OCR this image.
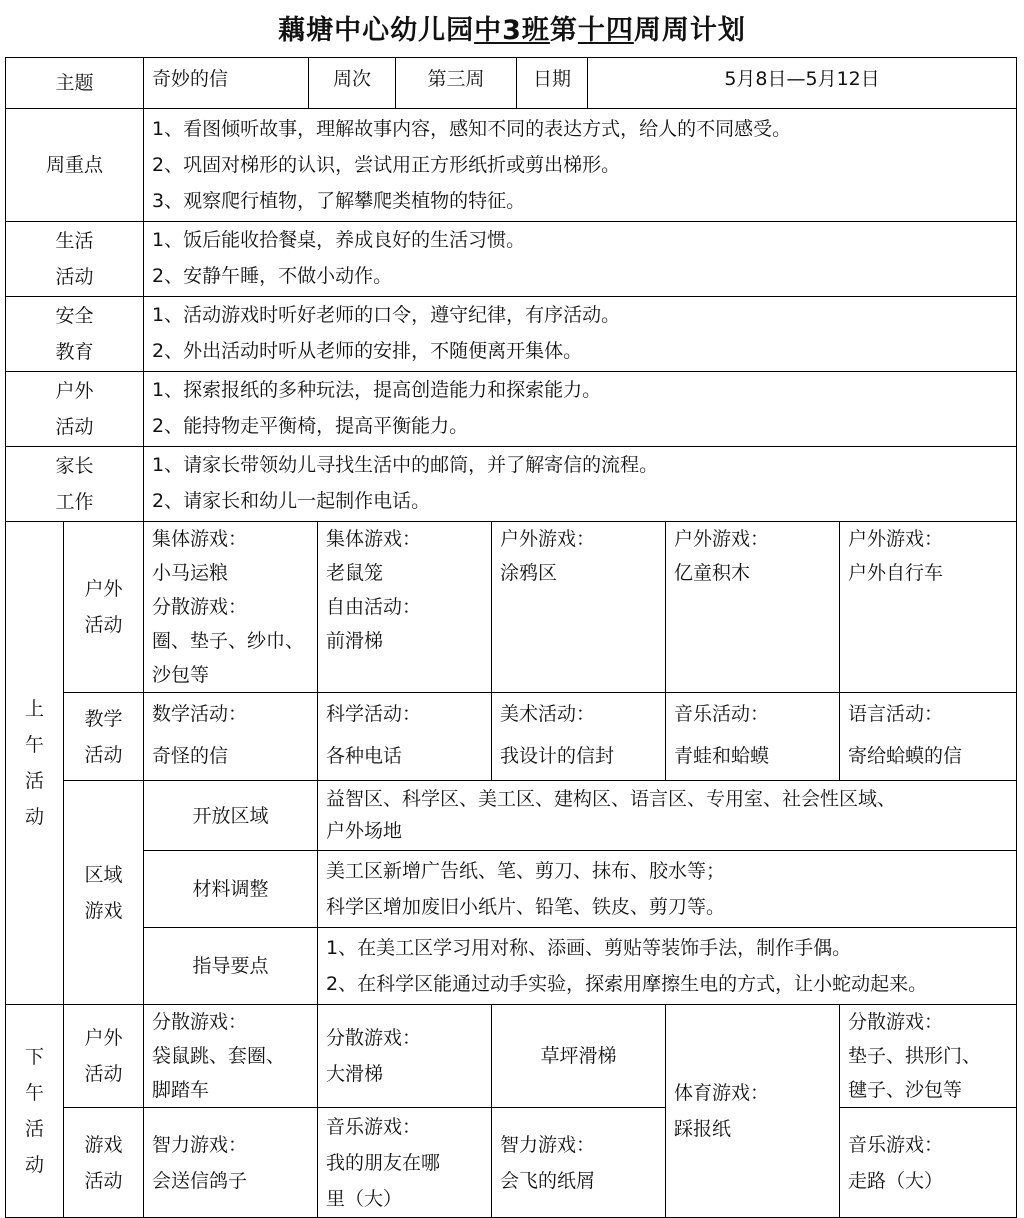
藕塘中心幼儿园中3班第十四周周计划
主题		奇妙的信 周次 第三周 日期 5月8日—5月12日				

周重点		1、看图倾听故事，理解故事内容，感知不同的表达方式，给人的不同感受。
2、巩固对梯形的认识，尝试用正方形纸折或剪出梯形。
3、观察爬行植物，了解攀爬类植物的特征。				

生活
活动		1、饭后能收拾餐桌，养成良好的生活习惯。
2、安静午睡，不做小动作。				

安全
教育		1、活动游戏时听好老师的口令，遵守纪律，有序活动。
2、外出活动时听从老师的安排，不随便离开集体。				

户外
活动		1、探索报纸的多种玩法，提高创造能力和探索能力。
2、能持物走平衡椅，提高平衡能力。				

家长
工作		1、请家长带领幼儿寻找生活中的邮筒，并了解寄信的流程。
2、请家长和幼儿一起制作电话。				

上
午
活
动	户外
活动	集体游戏：
小马运粮
分散游戏：
圈、垫子、纱巾、
沙包等	集体游戏：
老鼠笼
自由活动：
前滑梯	户外游戏：
涂鸦区	户外游戏：
亿童积木	户外游戏：
户外自行车

	教学
活动	数学活动：
奇怪的信	科学活动：
各种电话	美术活动：
我设计的信封	音乐活动：
青蛙和蛤蟆	语言活动：
寄给蛤蟆的信

	区域
游戏	开放区域	益智区、科学区、美工区、建构区、语言区、专用室、社会性区域、
户外场地			

		材料调整	美工区新增广告纸、笔、剪刀、抹布、胶水等；
科学区增加废旧小纸片、铅笔、铁皮、剪刀等。			

		指导要点	1、在美工区学习用对称、添画、剪贴等装饰手法，制作手偶。
2、在科学区能通过动手实验，探索用摩擦生电的方式，让小蛇动起来。			

下
午
活
动	户外
活动	分散游戏：
袋鼠跳、套圈、
脚踏车	分散游戏：
大滑梯	草坪滑梯	体育游戏：
踩报纸	分散游戏：
垫子、拱形门、
毽子、沙包等

	游戏
活动	智力游戏：
会送信鸽子	音乐游戏：
我的朋友在哪
里（大）	智力游戏：
会飞的纸屑		音乐游戏：
走路（大）
